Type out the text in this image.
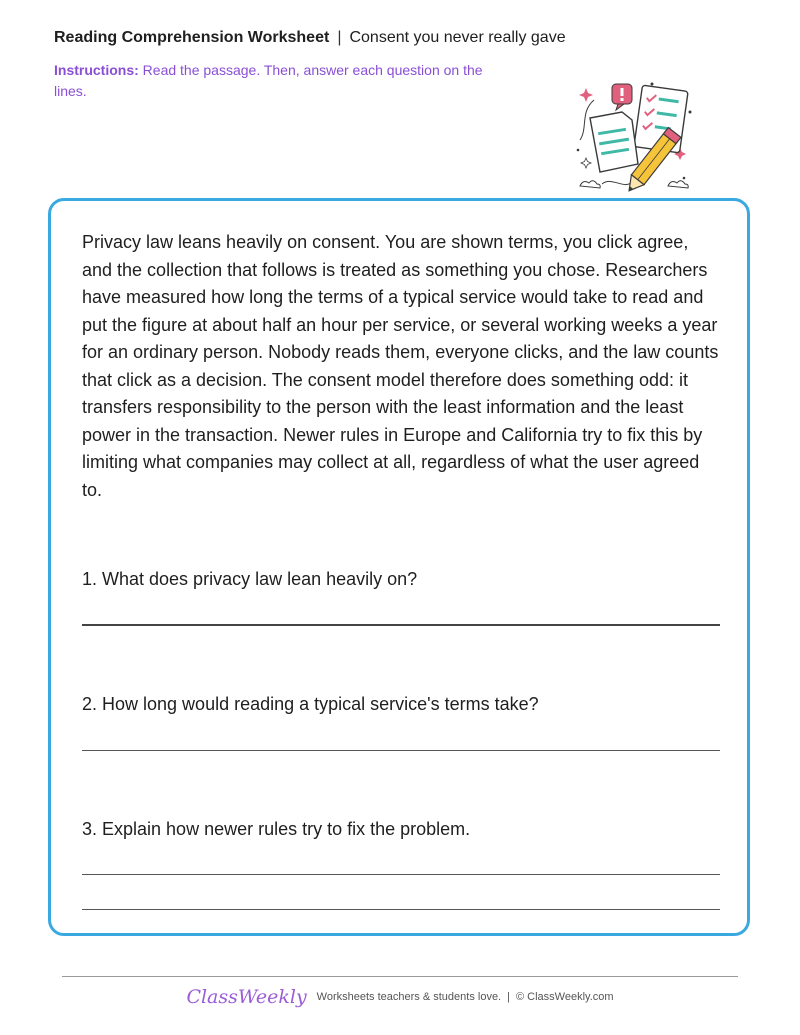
Reading Comprehension Worksheet | Consent you never really gave
Instructions: Read the passage. Then, answer each question on the lines.

Privacy law leans heavily on consent. You are shown terms, you click agree, and the collection that follows is treated as something you chose. Researchers have measured how long the terms of a typical service would take to read and put the figure at about half an hour per service, or several working weeks a year for an ordinary person. Nobody reads them, everyone clicks, and the law counts that click as a decision. The consent model therefore does something odd: it transfers responsibility to the person with the least information and the least power in the transaction. Newer rules in Europe and California try to fix this by limiting what companies may collect at all, regardless of what the user agreed to.

1. What does privacy law lean heavily on?
2. How long would reading a typical service's terms take?
3. Explain how newer rules try to fix the problem.
ClassWeekly Worksheets teachers & students love. | © ClassWeekly.com
